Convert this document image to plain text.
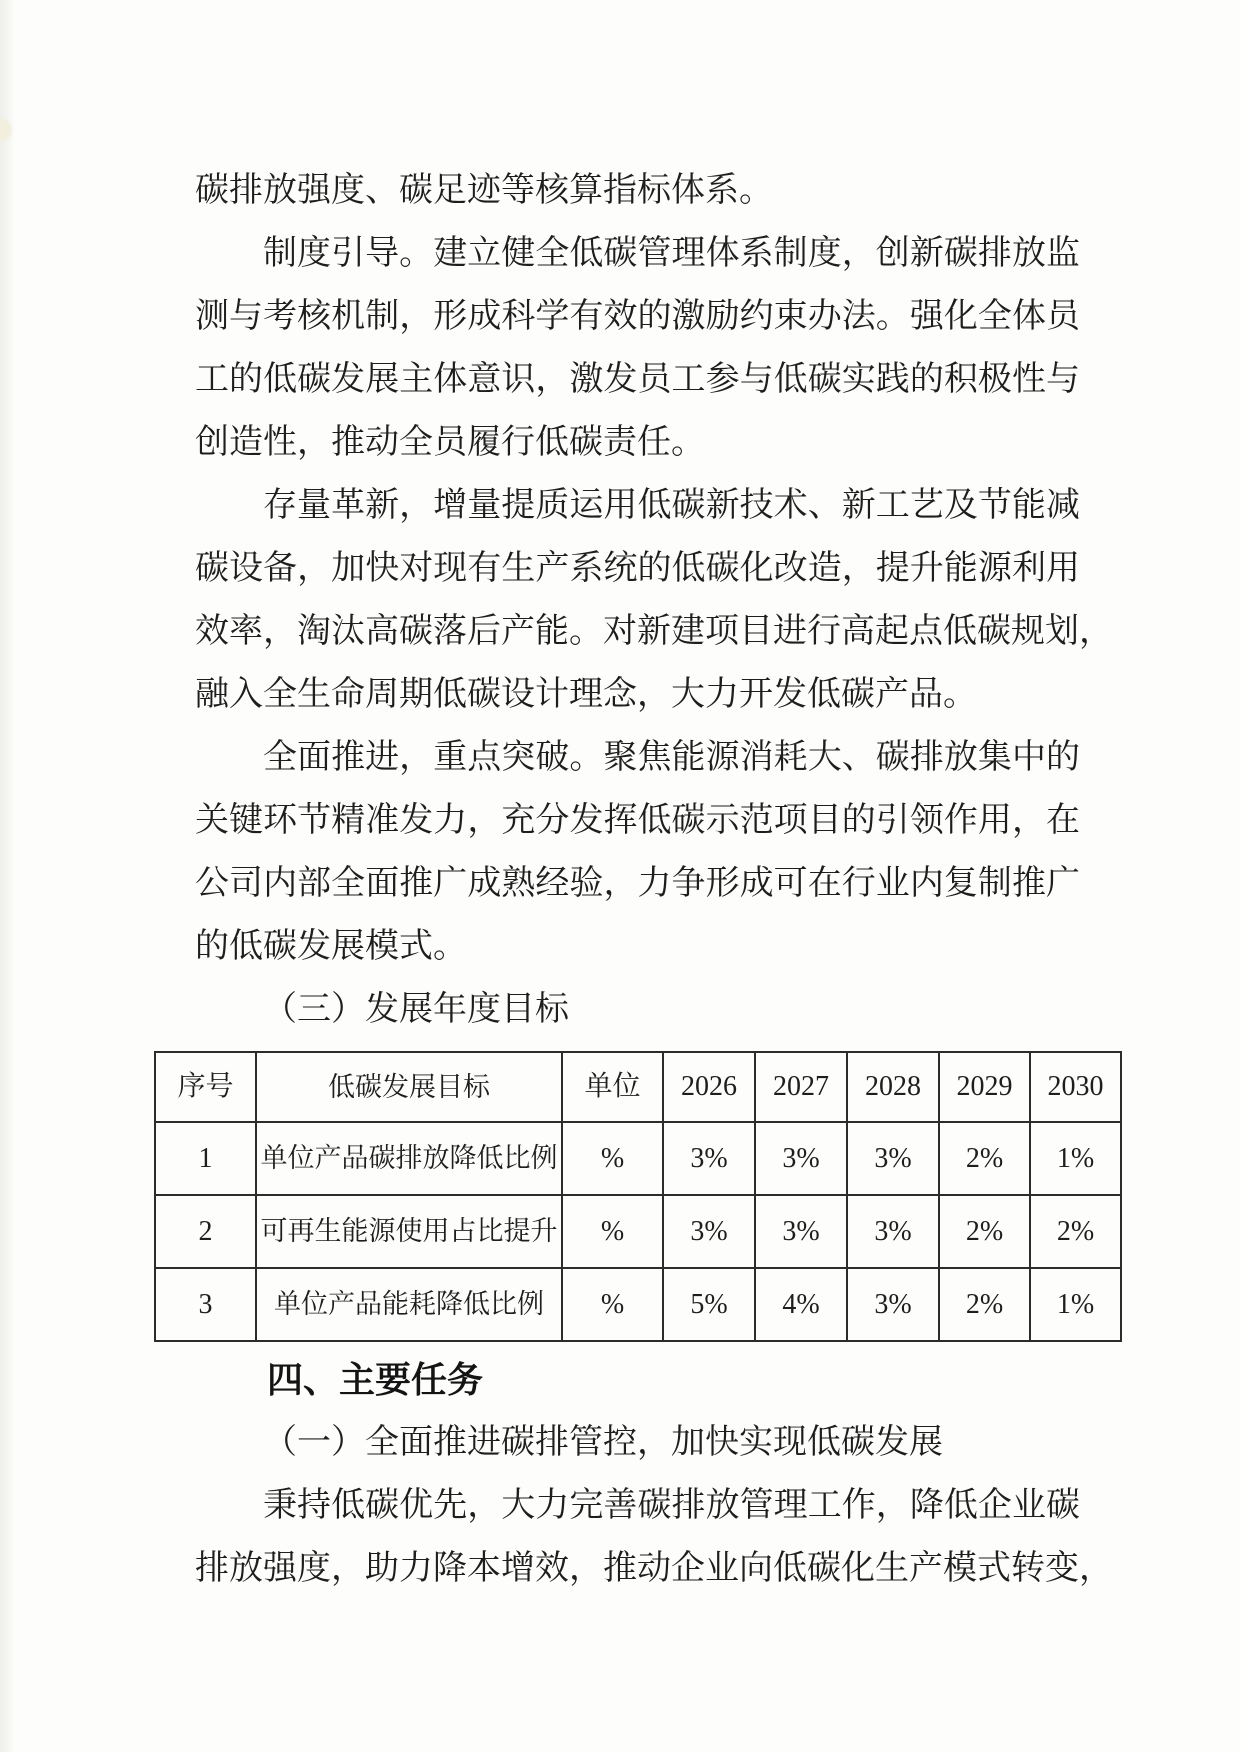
碳排放强度、碳足迹等核算指标体系。
制度引导。建立健全低碳管理体系制度，创新碳排放监
测与考核机制，形成科学有效的激励约束办法。强化全体员
工的低碳发展主体意识，激发员工参与低碳实践的积极性与
创造性，推动全员履行低碳责任。
存量革新，增量提质运用低碳新技术、新工艺及节能减
碳设备，加快对现有生产系统的低碳化改造，提升能源利用
效率，淘汰高碳落后产能。对新建项目进行高起点低碳规划，
融入全生命周期低碳设计理念，大力开发低碳产品。
全面推进，重点突破。聚焦能源消耗大、碳排放集中的
关键环节精准发力，充分发挥低碳示范项目的引领作用，在
公司内部全面推广成熟经验，力争形成可在行业内复制推广
的低碳发展模式。
（三）发展年度目标
序号	低碳发展目标	单位	2026	2027	2028	2029	2030
1	单位产品碳排放降低比例	%	3%	3%	3%	2%	1%
2	可再生能源使用占比提升	%	3%	3%	3%	2%	2%
3	单位产品能耗降低比例	%	5%	4%	3%	2%	1%
四、主要任务
（一）全面推进碳排管控，加快实现低碳发展
秉持低碳优先，大力完善碳排放管理工作，降低企业碳
排放强度，助力降本增效，推动企业向低碳化生产模式转变，
